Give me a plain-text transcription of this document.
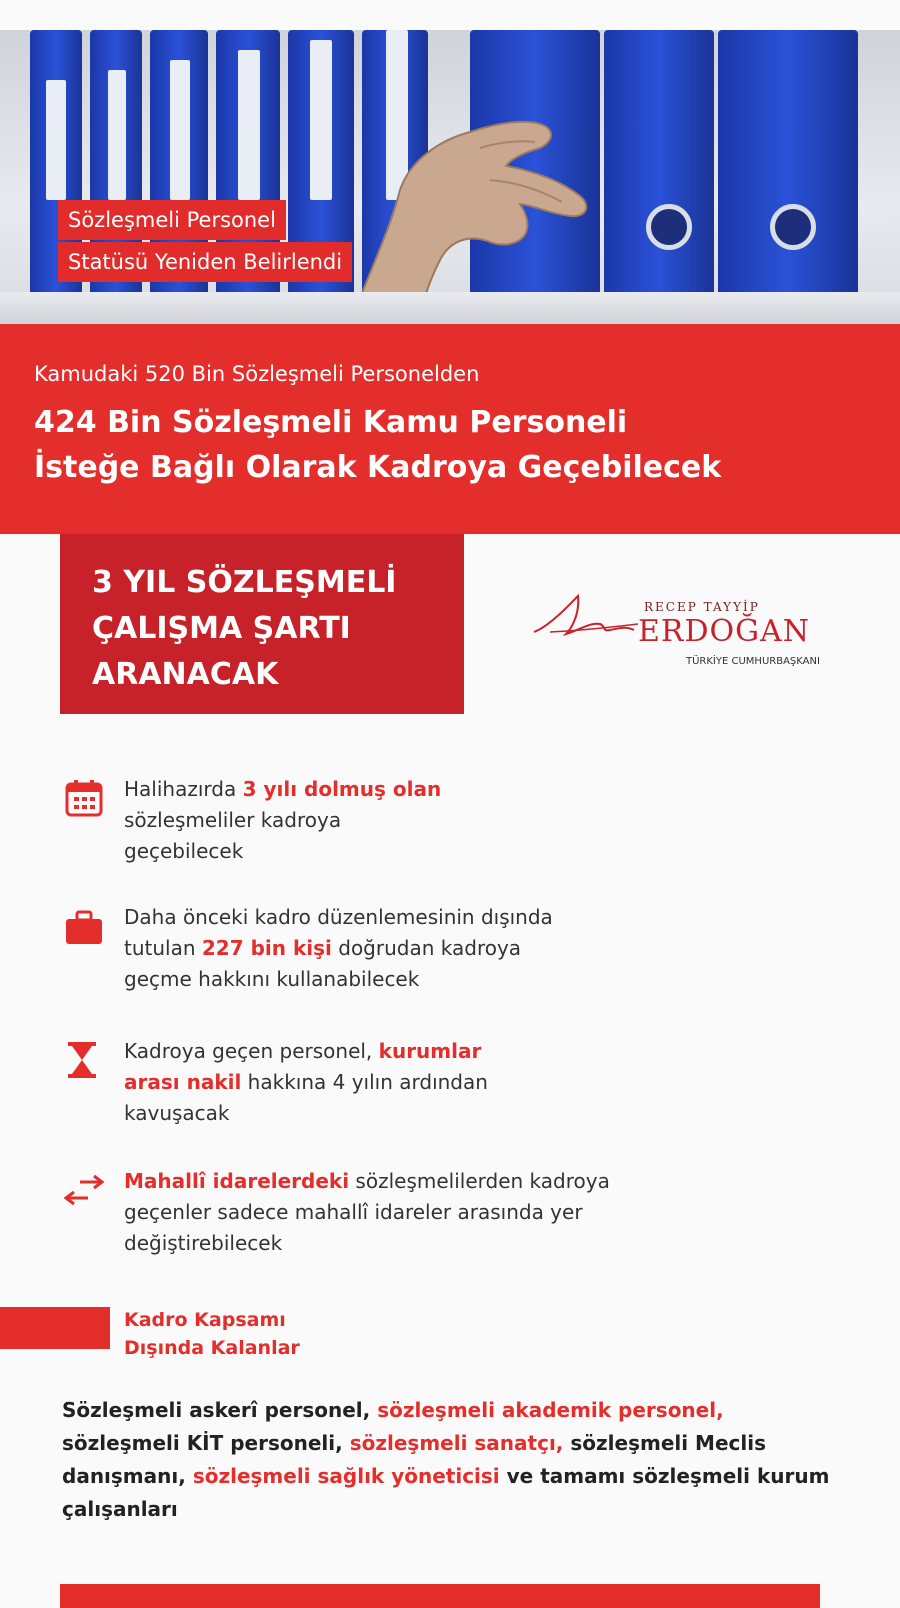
Sözleşmeli Personel
Statüsü Yeniden Belirlendi
Kamudaki 520 Bin Sözleşmeli Personelden
424 Bin Sözleşmeli Kamu Personeli
İsteğe Bağlı Olarak Kadroya Geçebilecek
3 YIL SÖZLEŞMELİ
ÇALIŞMA ŞARTI
ARANACAK
RECEP TAYYİP
ERDOĞAN
TÜRKİYE CUMHURBAŞKANI
Halihazırda 3 yılı dolmuş olan sözleşmeliler kadroya geçebilecek
Daha önceki kadro düzenlemesinin dışında tutulan 227 bin kişi doğrudan kadroya geçme hakkını kullanabilecek
Kadroya geçen personel, kurumlar arası nakil hakkına 4 yılın ardından kavuşacak
Mahallî idarelerdeki sözleşmelilerden kadroya geçenler sadece mahallî idareler arasında yer değiştirebilecek
Kadro Kapsamı
Dışında Kalanlar
Sözleşmeli askerî personel, sözleşmeli akademik personel, sözleşmeli KİT personeli, sözleşmeli sanatçı, sözleşmeli Meclis danışmanı, sözleşmeli sağlık yöneticisi ve tamamı sözleşmeli kurum çalışanları
